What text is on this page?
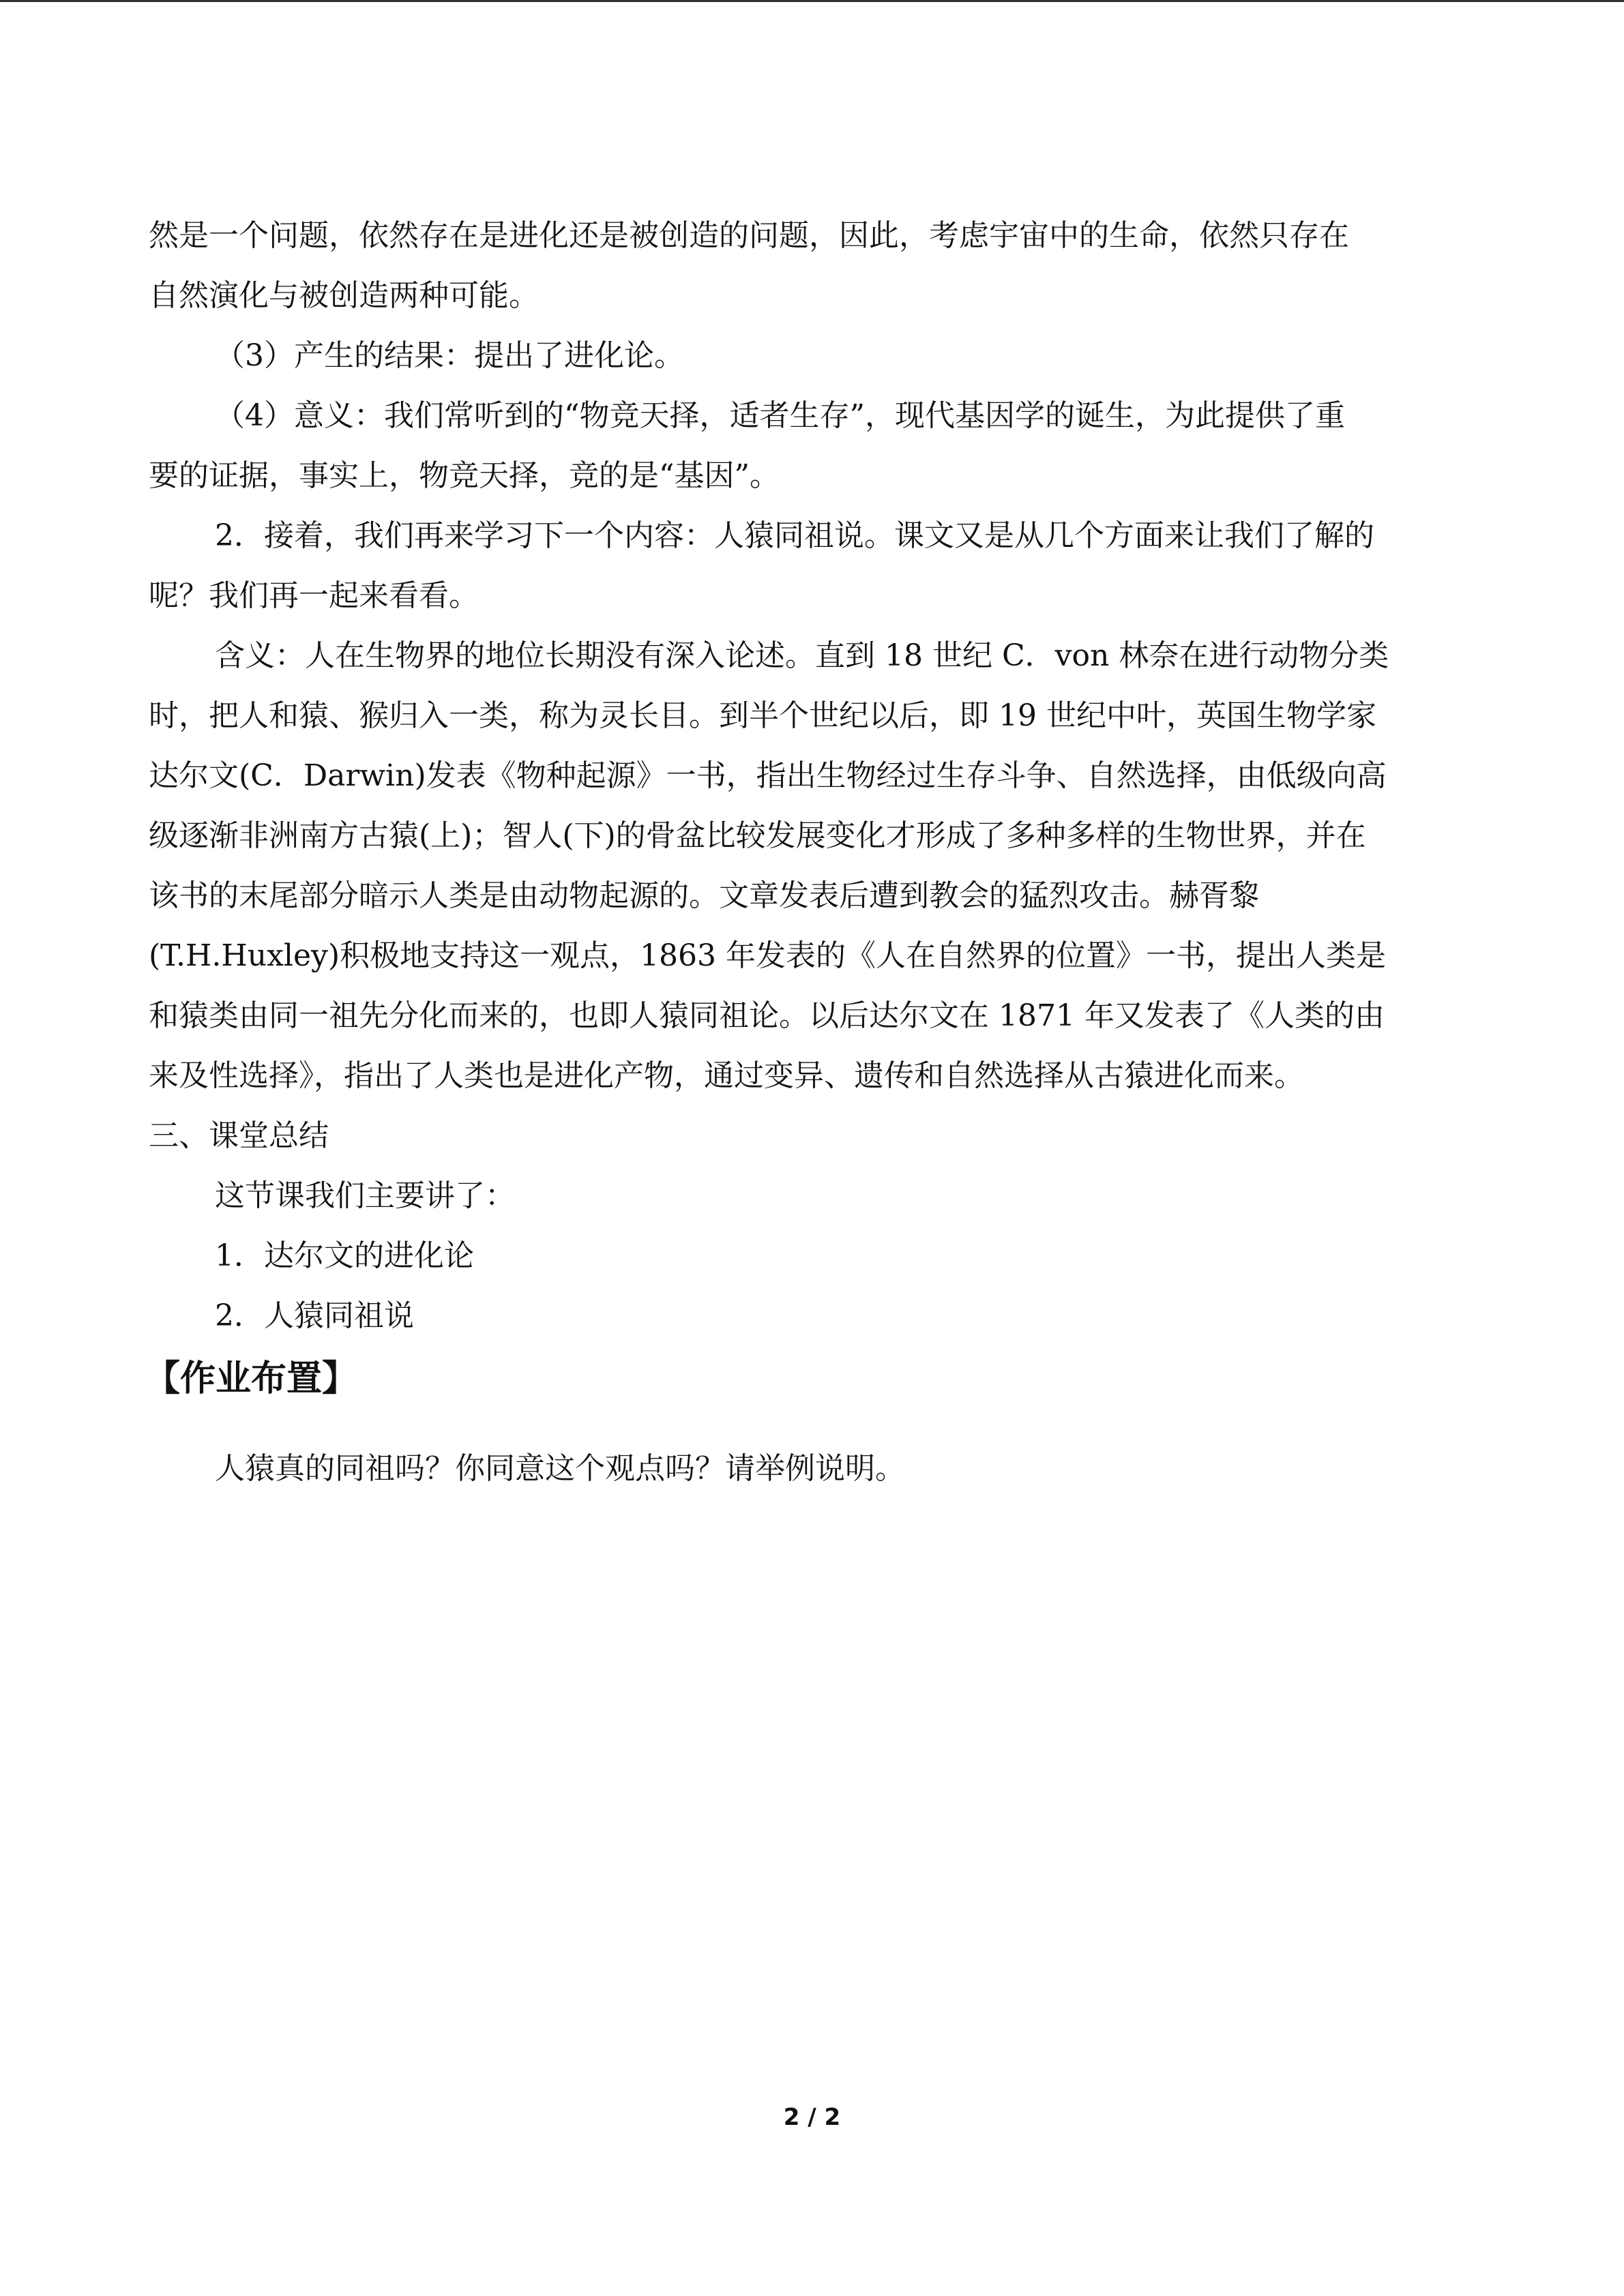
然是一个问题，依然存在是进化还是被创造的问题，因此，考虑宇宙中的生命，依然只存在
自然演化与被创造两种可能。
（3）产生的结果：提出了进化论。
（4）意义：我们常听到的“物竞天择，适者生存”，现代基因学的诞生，为此提供了重
要的证据，事实上，物竞天择，竞的是“基因”。
2．接着，我们再来学习下一个内容：人猿同祖说。课文又是从几个方面来让我们了解的
呢？我们再一起来看看。
含义：人在生物界的地位长期没有深入论述。直到 18 世纪 C．von 林奈在进行动物分类
时，把人和猿、猴归入一类，称为灵长目。到半个世纪以后，即 19 世纪中叶，英国生物学家
达尔文(C．Darwin)发表《物种起源》一书，指出生物经过生存斗争、自然选择，由低级向高
级逐渐非洲南方古猿(上)；智人(下)的骨盆比较发展变化才形成了多种多样的生物世界，并在
该书的末尾部分暗示人类是由动物起源的。文章发表后遭到教会的猛烈攻击。赫胥黎
(T.H.Huxley)积极地支持这一观点，1863 年发表的《人在自然界的位置》一书，提出人类是
和猿类由同一祖先分化而来的，也即人猿同祖论。以后达尔文在 1871 年又发表了《人类的由
来及性选择》，指出了人类也是进化产物，通过变异、遗传和自然选择从古猿进化而来。
三、课堂总结
这节课我们主要讲了：
1．达尔文的进化论
2．人猿同祖说
【作业布置】
人猿真的同祖吗？你同意这个观点吗？请举例说明。
2 / 2
